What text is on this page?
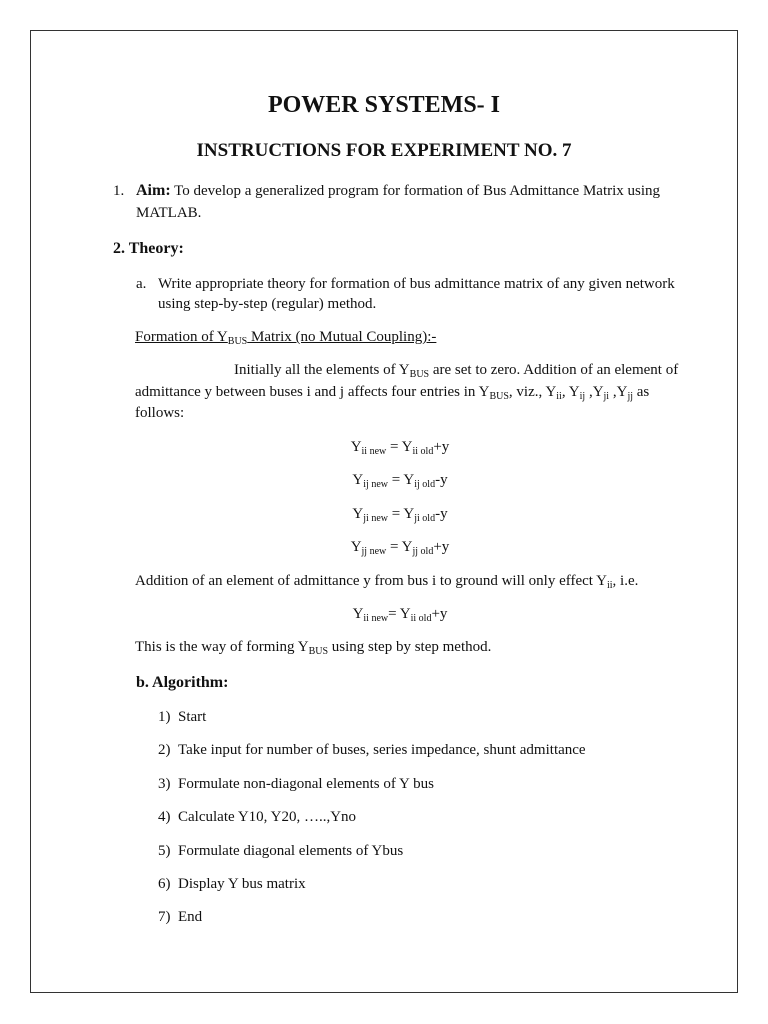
POWER SYSTEMS- I
INSTRUCTIONS FOR EXPERIMENT NO. 7
1. Aim: To develop a generalized program for formation of Bus Admittance Matrix using
MATLAB.
2. Theory:
a. Write appropriate theory for formation of bus admittance matrix of any given network
using step-by-step (regular) method.
Formation of $Y_{BUS}$ Matrix (no Mutual Coupling):-
Initially all the elements of $Y_{BUS}$ are set to zero. Addition of an element of
admittance y between buses i and j affects four entries in $Y_{BUS}$, viz., $Y_{ii}$, $Y_{ij}$ $,Y_{ji}$ $,Y_{jj}$ as
follows:
$Y_{ii new} = Y_{ii old}+y$
$Y_{ij new} = Y_{ij old}-y$
$Y_{ji new} = Y_{ji old}-y$
$Y_{jj new} = Y_{jj old}+y$
Addition of an element of admittance y from bus i to ground will only effect $Y_{ii}$, i.e.
$Y_{ii new}= Y_{ii old}+y$
This is the way of forming $Y_{BUS}$ using step by step method.
b. Algorithm:
1) Start
2) Take input for number of buses, series impedance, shunt admittance
3) Formulate non-diagonal elements of Y bus
4) Calculate Y10, Y20, …..,Yno
5) Formulate diagonal elements of Ybus
6) Display Y bus matrix
7) End
